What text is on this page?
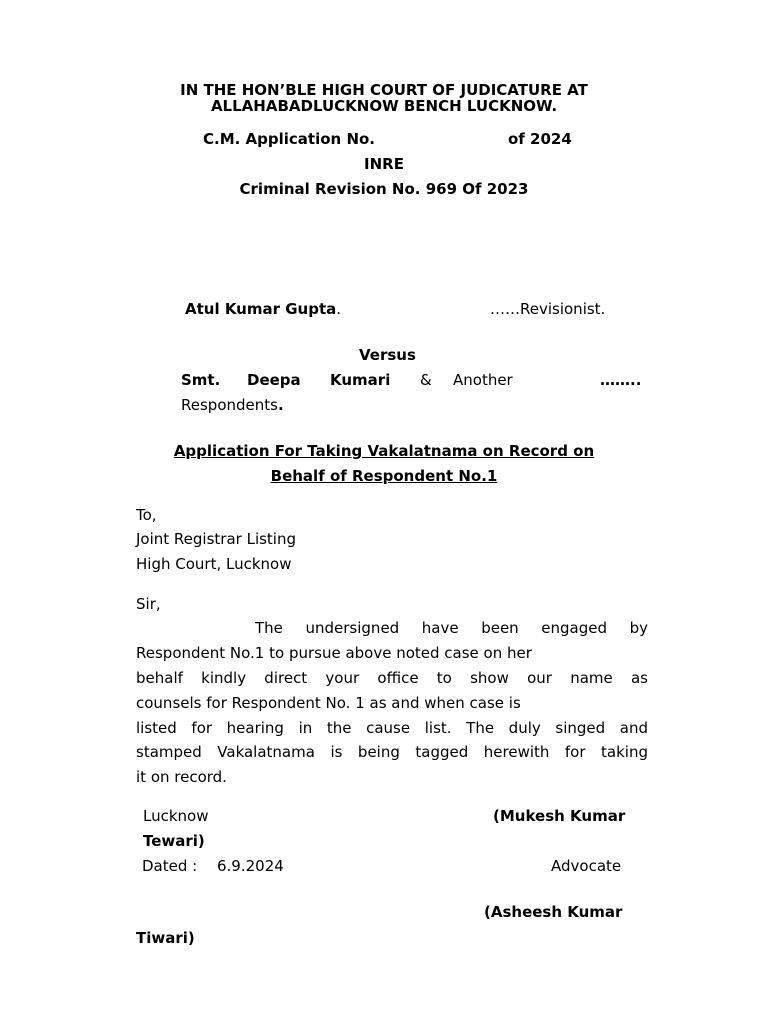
IN THE HON’BLE HIGH COURT OF JUDICATURE AT
ALLAHABADLUCKNOW BENCH LUCKNOW.
C.M. Application No.	of 2024
INRE
Criminal Revision No. 969 Of 2023
Atul Kumar Gupta.	……Revisionist.
Versus
Smt. Deepa Kumari & Another	……..
Respondents.
Application For Taking Vakalatnama on Record on
Behalf of Respondent No.1
To,
Joint Registrar Listing
High Court, Lucknow
Sir,
The undersigned have been engaged by
Respondent No.1 to pursue above noted case on her
behalf kindly direct your office to show our name as
counsels for Respondent No. 1 as and when case is
listed for hearing in the cause list. The duly singed and
stamped Vakalatnama is being tagged herewith for taking
it on record.
Lucknow	(Mukesh Kumar
Tewari)
Dated : 6.9.2024	Advocate
(Asheesh Kumar
Tiwari)
